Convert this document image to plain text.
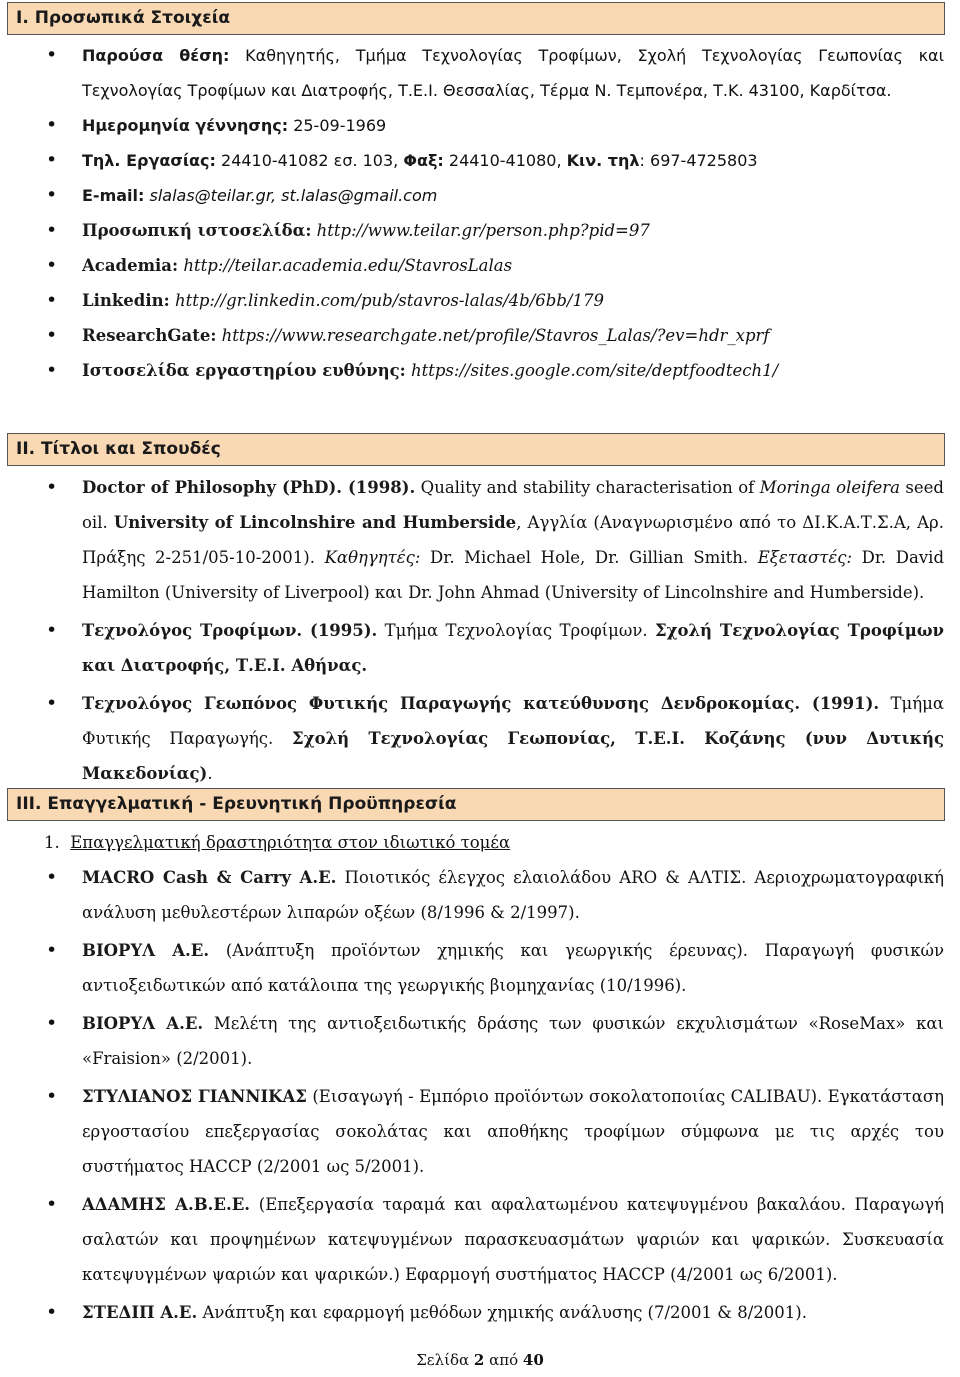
I. Προσωπικά Στοιχεία
• Παρούσα θέση: Καθηγητής, Τμήμα Τεχνολογίας Τροφίμων, Σχολή Τεχνολογίας Γεωπονίας και Τεχνολογίας Τροφίμων και Διατροφής, Τ.Ε.Ι. Θεσσαλίας, Τέρμα Ν. Τεμπονέρα, Τ.Κ. 43100, Καρδίτσα.
• Ημερομηνία γέννησης: 25-09-1969
• Τηλ. Εργασίας: 24410-41082 εσ. 103, Φαξ: 24410-41080, Κιν. τηλ: 697-4725803
• E-mail: slalas@teilar.gr, st.lalas@gmail.com
• Προσωπική ιστοσελίδα: http://www.teilar.gr/person.php?pid=97
• Academia: http://teilar.academia.edu/StavrosLalas
• Linkedin: http://gr.linkedin.com/pub/stavros-lalas/4b/6bb/179
• ResearchGate: https://www.researchgate.net/profile/Stavros_Lalas/?ev=hdr_xprf
• Ιστοσελίδα εργαστηρίου ευθύνης: https://sites.google.com/site/deptfoodtech1/
II. Τίτλοι και Σπουδές
• Doctor of Philosophy (PhD). (1998). Quality and stability characterisation of Moringa oleifera seed oil. University of Lincolnshire and Humberside, Αγγλία (Αναγνωρισμένο από το ΔΙ.Κ.Α.Τ.Σ.Α, Αρ. Πράξης 2-251/05-10-2001). Καθηγητές: Dr. Michael Hole, Dr. Gillian Smith. Εξεταστές: Dr. David Hamilton (University of Liverpool) και Dr. John Ahmad (University of Lincolnshire and Humberside).
• Τεχνολόγος Τροφίμων. (1995). Τμήμα Τεχνολογίας Τροφίμων. Σχολή Τεχνολογίας Τροφίμων και Διατροφής, Τ.Ε.Ι. Αθήνας.
• Τεχνολόγος Γεωπόνος Φυτικής Παραγωγής κατεύθυνσης Δενδροκομίας. (1991). Τμήμα Φυτικής Παραγωγής. Σχολή Τεχνολογίας Γεωπονίας, Τ.Ε.Ι. Κοζάνης (νυν Δυτικής Μακεδονίας).
III. Επαγγελματική - Ερευνητική Προϋπηρεσία
1. Επαγγελματική δραστηριότητα στον ιδιωτικό τομέα
• MACRO Cash & Carry Α.Ε. Ποιοτικός έλεγχος ελαιολάδου ARO & ΑΛΤΙΣ. Αεριοχρωματογραφική ανάλυση μεθυλεστέρων λιπαρών οξέων (8/1996 & 2/1997).
• ΒΙΟΡΥΛ Α.Ε. (Ανάπτυξη προϊόντων χημικής και γεωργικής έρευνας). Παραγωγή φυσικών αντιοξειδωτικών από κατάλοιπα της γεωργικής βιομηχανίας (10/1996).
• ΒΙΟΡΥΛ Α.Ε. Μελέτη της αντιοξειδωτικής δράσης των φυσικών εκχυλισμάτων «RoseMax» και «Fraision» (2/2001).
• ΣΤΥΛΙΑΝΟΣ ΓΙΑΝΝΙΚΑΣ (Εισαγωγή - Εμπόριο προϊόντων σοκολατοποιίας CALIBAU). Εγκατάσταση εργοστασίου επεξεργασίας σοκολάτας και αποθήκης τροφίμων σύμφωνα με τις αρχές του συστήματος HACCP (2/2001 ως 5/2001).
• ΑΔΑΜΗΣ Α.Β.Ε.Ε. (Επεξεργασία ταραμά και αφαλατωμένου κατεψυγμένου βακαλάου. Παραγωγή σαλατών και προψημένων κατεψυγμένων παρασκευασμάτων ψαριών και ψαρικών. Συσκευασία κατεψυγμένων ψαριών και ψαρικών.) Εφαρμογή συστήματος HACCP (4/2001 ως 6/2001).
• ΣΤΕΔΙΠ Α.Ε. Ανάπτυξη και εφαρμογή μεθόδων χημικής ανάλυσης (7/2001 & 8/2001).
Σελίδα 2 από 40
